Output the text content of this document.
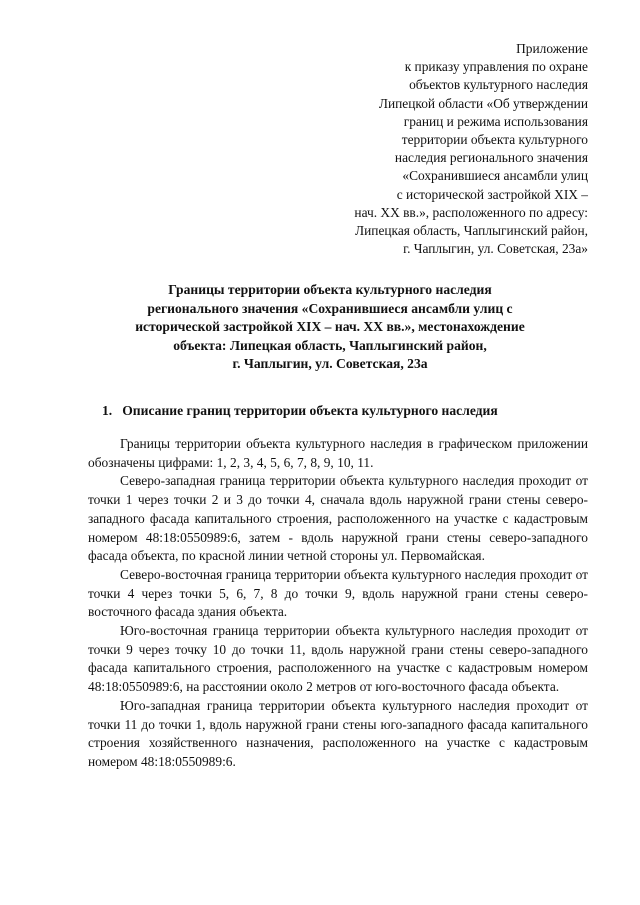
Приложение
к приказу управления по охране
объектов культурного наследия
Липецкой области «Об утверждении
границ и режима использования
территории объекта культурного
наследия регионального значения
«Сохранившиеся ансамбли улиц
с исторической застройкой XIX –
нач. XX вв.», расположенного по адресу:
Липецкая область, Чаплыгинский район,
г. Чаплыгин, ул. Советская, 23а»
Границы территории объекта культурного наследия
регионального значения «Сохранившиеся ансамбли улиц с
исторической застройкой XIX – нач. XX вв.», местонахождение
объекта: Липецкая область, Чаплыгинский район,
г. Чаплыгин, ул. Советская, 23а
1. Описание границ территории объекта культурного наследия

Границы территории объекта культурного наследия в графическом приложении обозначены цифрами: 1, 2, 3, 4, 5, 6, 7, 8, 9, 10, 11.

Северо-западная граница территории объекта культурного наследия проходит от точки 1 через точки 2 и 3 до точки 4, сначала вдоль наружной грани стены северо-западного фасада капитального строения, расположенного на участке с кадастровым номером 48:18:0550989:6, затем - вдоль наружной грани стены северо-западного фасада объекта, по красной линии четной стороны ул. Первомайская.

Северо-восточная граница территории объекта культурного наследия проходит от точки 4 через точки 5, 6, 7, 8 до точки 9, вдоль наружной грани стены северо-восточного фасада здания объекта.

Юго-восточная граница территории объекта культурного наследия проходит от точки 9 через точку 10 до точки 11, вдоль наружной грани стены северо-западного фасада капитального строения, расположенного на участке с кадастровым номером 48:18:0550989:6, на расстоянии около 2 метров от юго-восточного фасада объекта.

Юго-западная граница территории объекта культурного наследия проходит от точки 11 до точки 1, вдоль наружной грани стены юго-западного фасада капитального строения хозяйственного назначения, расположенного на участке с кадастровым номером 48:18:0550989:6.
